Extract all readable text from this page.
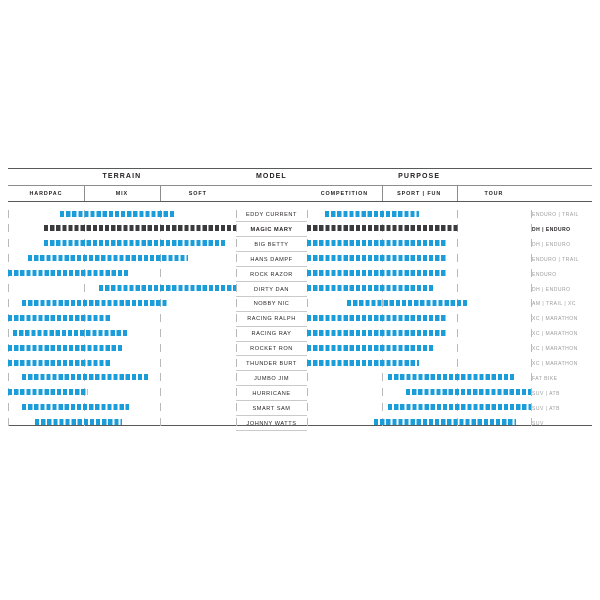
TERRAIN
HARDPAC	MIX	SOFT
MODEL	PURPOSE
COMPETITION	SPORT | FUN	TOUR
EDDY CURRENT	ENDURO | TRAIL
MAGIC MARY	DH | ENDURO
BIG BETTY	DH | ENDURO
HANS DAMPF	ENDURO | TRAIL
ROCK RAZOR	ENDURO
DIRTY DAN	DH | ENDURO
NOBBY NIC	AM | TRAIL | XC
RACING RALPH	XC | MARATHON
RACING RAY	XC | MARATHON
ROCKET RON	XC | MARATHON
THUNDER BURT	XC | MARATHON
JUMBO JIM	FAT BIKE
HURRICANE	SUV | ATB
SMART SAM	SUV | ATB
JOHNNY WATTS	SUV
